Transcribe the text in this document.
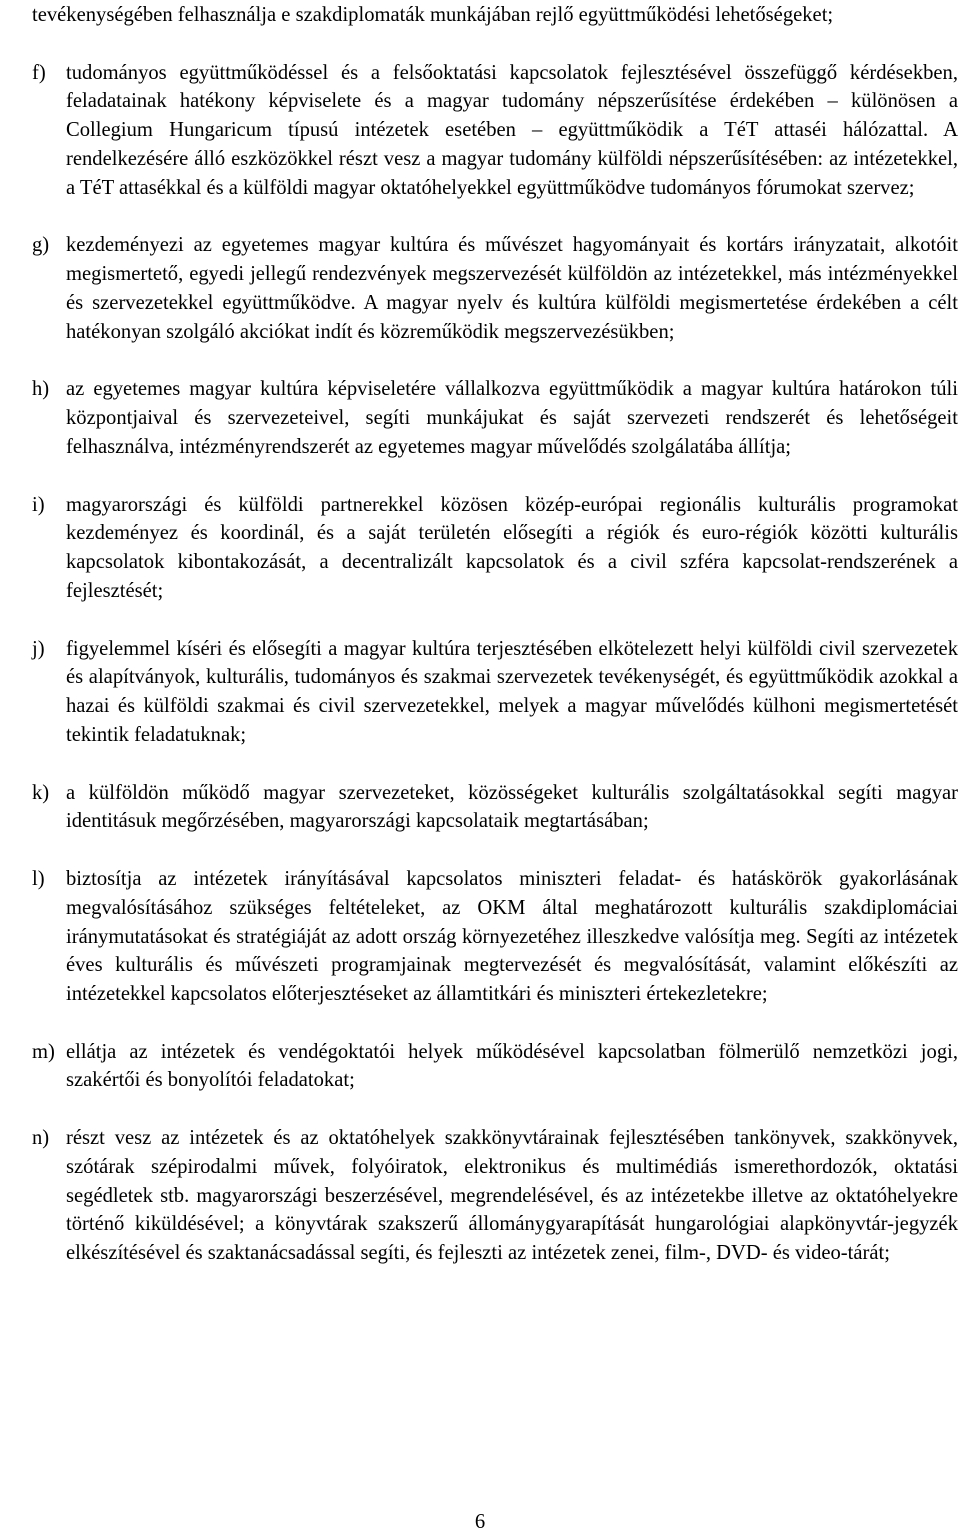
tevékenységében felhasználja e szakdiplomaták munkájában rejlő együttműködési lehetőségeket;

f) tudományos együttműködéssel és a felsőoktatási kapcsolatok fejlesztésével összefüggő kérdésekben, feladatainak hatékony képviselete és a magyar tudomány népszerűsítése érdekében – különösen a Collegium Hungaricum típusú intézetek esetében – együttműködik a TéT attaséi hálózattal. A rendelkezésére álló eszközökkel részt vesz a magyar tudomány külföldi népszerűsítésében: az intézetekkel, a TéT attasékkal és a külföldi magyar oktatóhelyekkel együttműködve tudományos fórumokat szervez;
g) kezdeményezi az egyetemes magyar kultúra és művészet hagyományait és kortárs irányzatait, alkotóit megismertető, egyedi jellegű rendezvények megszervezését külföldön az intézetekkel, más intézményekkel és szervezetekkel együttműködve. A magyar nyelv és kultúra külföldi megismertetése érdekében a célt hatékonyan szolgáló akciókat indít és közreműködik megszervezésükben;
h) az egyetemes magyar kultúra képviseletére vállalkozva együttműködik a magyar kultúra határokon túli központjaival és szervezeteivel, segíti munkájukat és saját szervezeti rendszerét és lehetőségeit felhasználva, intézményrendszerét az egyetemes magyar művelődés szolgálatába állítja;
i)	magyarországi és külföldi partnerekkel közösen közép-európai regionális kulturális programokat kezdeményez és koordinál, és a saját területén elősegíti a régiók és euro-régiók közötti kulturális kapcsolatok kibontakozását, a decentralizált kapcsolatok és a civil szféra kapcsolat-rendszerének a fejlesztését;
j)	figyelemmel kíséri és elősegíti a magyar kultúra terjesztésében elkötelezett helyi külföldi civil szervezetek és alapítványok, kulturális, tudományos és szakmai szervezetek tevékenységét, és együttműködik azokkal a hazai és külföldi szakmai és civil szervezetekkel, melyek a magyar művelődés külhoni megismertetését tekintik feladatuknak;
k) a külföldön működő magyar szervezeteket, közösségeket kulturális szolgáltatásokkal segíti magyar identitásuk megőrzésében, magyarországi kapcsolataik megtartásában;
l)	biztosítja az intézetek irányításával kapcsolatos miniszteri feladat- és hatáskörök gyakorlásának megvalósításához szükséges feltételeket, az OKM által meghatározott kulturális szakdiplomáciai iránymutatásokat és stratégiáját az adott ország környezetéhez illeszkedve valósítja meg. Segíti az intézetek éves kulturális és művészeti programjainak megtervezését és megvalósítását, valamint előkészíti az intézetekkel kapcsolatos előterjesztéseket az államtitkári és miniszteri értekezletekre;
m) ellátja az intézetek és vendégoktatói helyek működésével kapcsolatban fölmerülő nemzetközi jogi, szakértői és bonyolítói feladatokat;
n) részt vesz az intézetek és az oktatóhelyek szakkönyvtárainak fejlesztésében tankönyvek, szakkönyvek, szótárak szépirodalmi művek, folyóiratok, elektronikus és multimédiás ismerethordozók, oktatási segédletek stb. magyarországi beszerzésével, megrendelésével, és az intézetekbe illetve az oktatóhelyekre történő kiküldésével; a könyvtárak szakszerű állománygyarapítását hungarológiai alapkönyvtár-jegyzék elkészítésével és szaktanácsadással segíti, és fejleszti az intézetek zenei, film-, DVD- és video-tárát;
6
